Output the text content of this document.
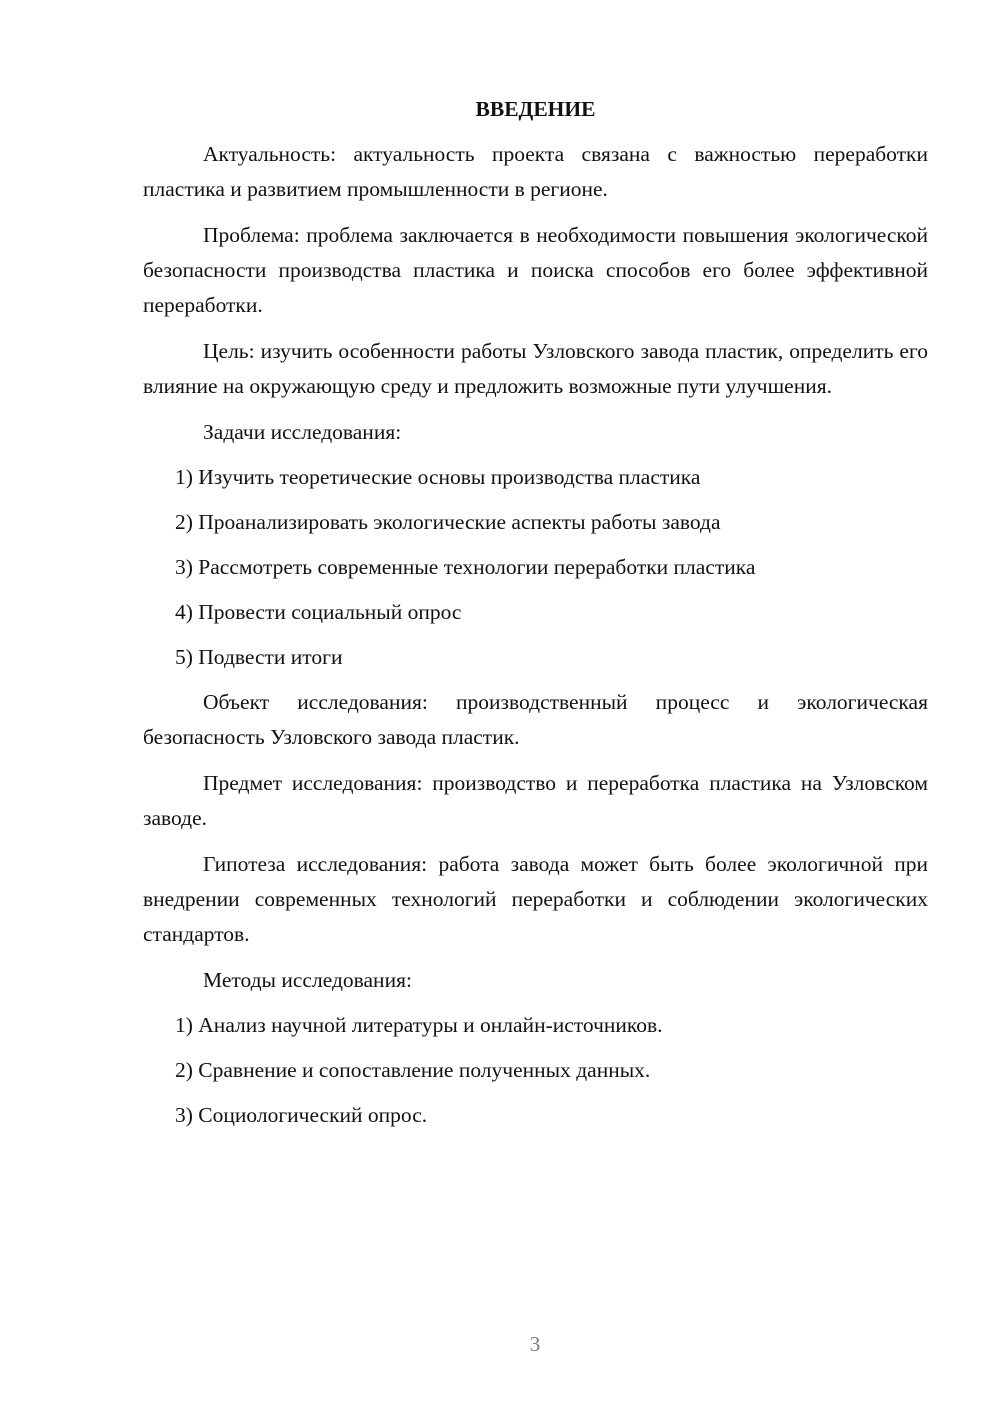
ВВЕДЕНИЕ

Актуальность: актуальность проекта связана с важностью переработки пластика и развитием промышленности в регионе.

Проблема: проблема заключается в необходимости повышения экологической безопасности производства пластика и поиска способов его более эффективной переработки.

Цель: изучить особенности работы Узловского завода пластик, определить его влияние на окружающую среду и предложить возможные пути улучшения.

Задачи исследования:

1) Изучить теоретические основы производства пластика
2) Проанализировать экологические аспекты работы завода
3) Рассмотреть современные технологии переработки пластика
4) Провести социальный опрос
5) Подвести итоги

Объект исследования: производственный процесс и экологическая безопасность Узловского завода пластик.

Предмет исследования: производство и переработка пластика на Узловском заводе.

Гипотеза исследования: работа завода может быть более экологичной при внедрении современных технологий переработки и соблюдении экологических стандартов.

Методы исследования:

1) Анализ научной литературы и онлайн-источников.
2) Сравнение и сопоставление полученных данных.
3) Социологический опрос.
3
